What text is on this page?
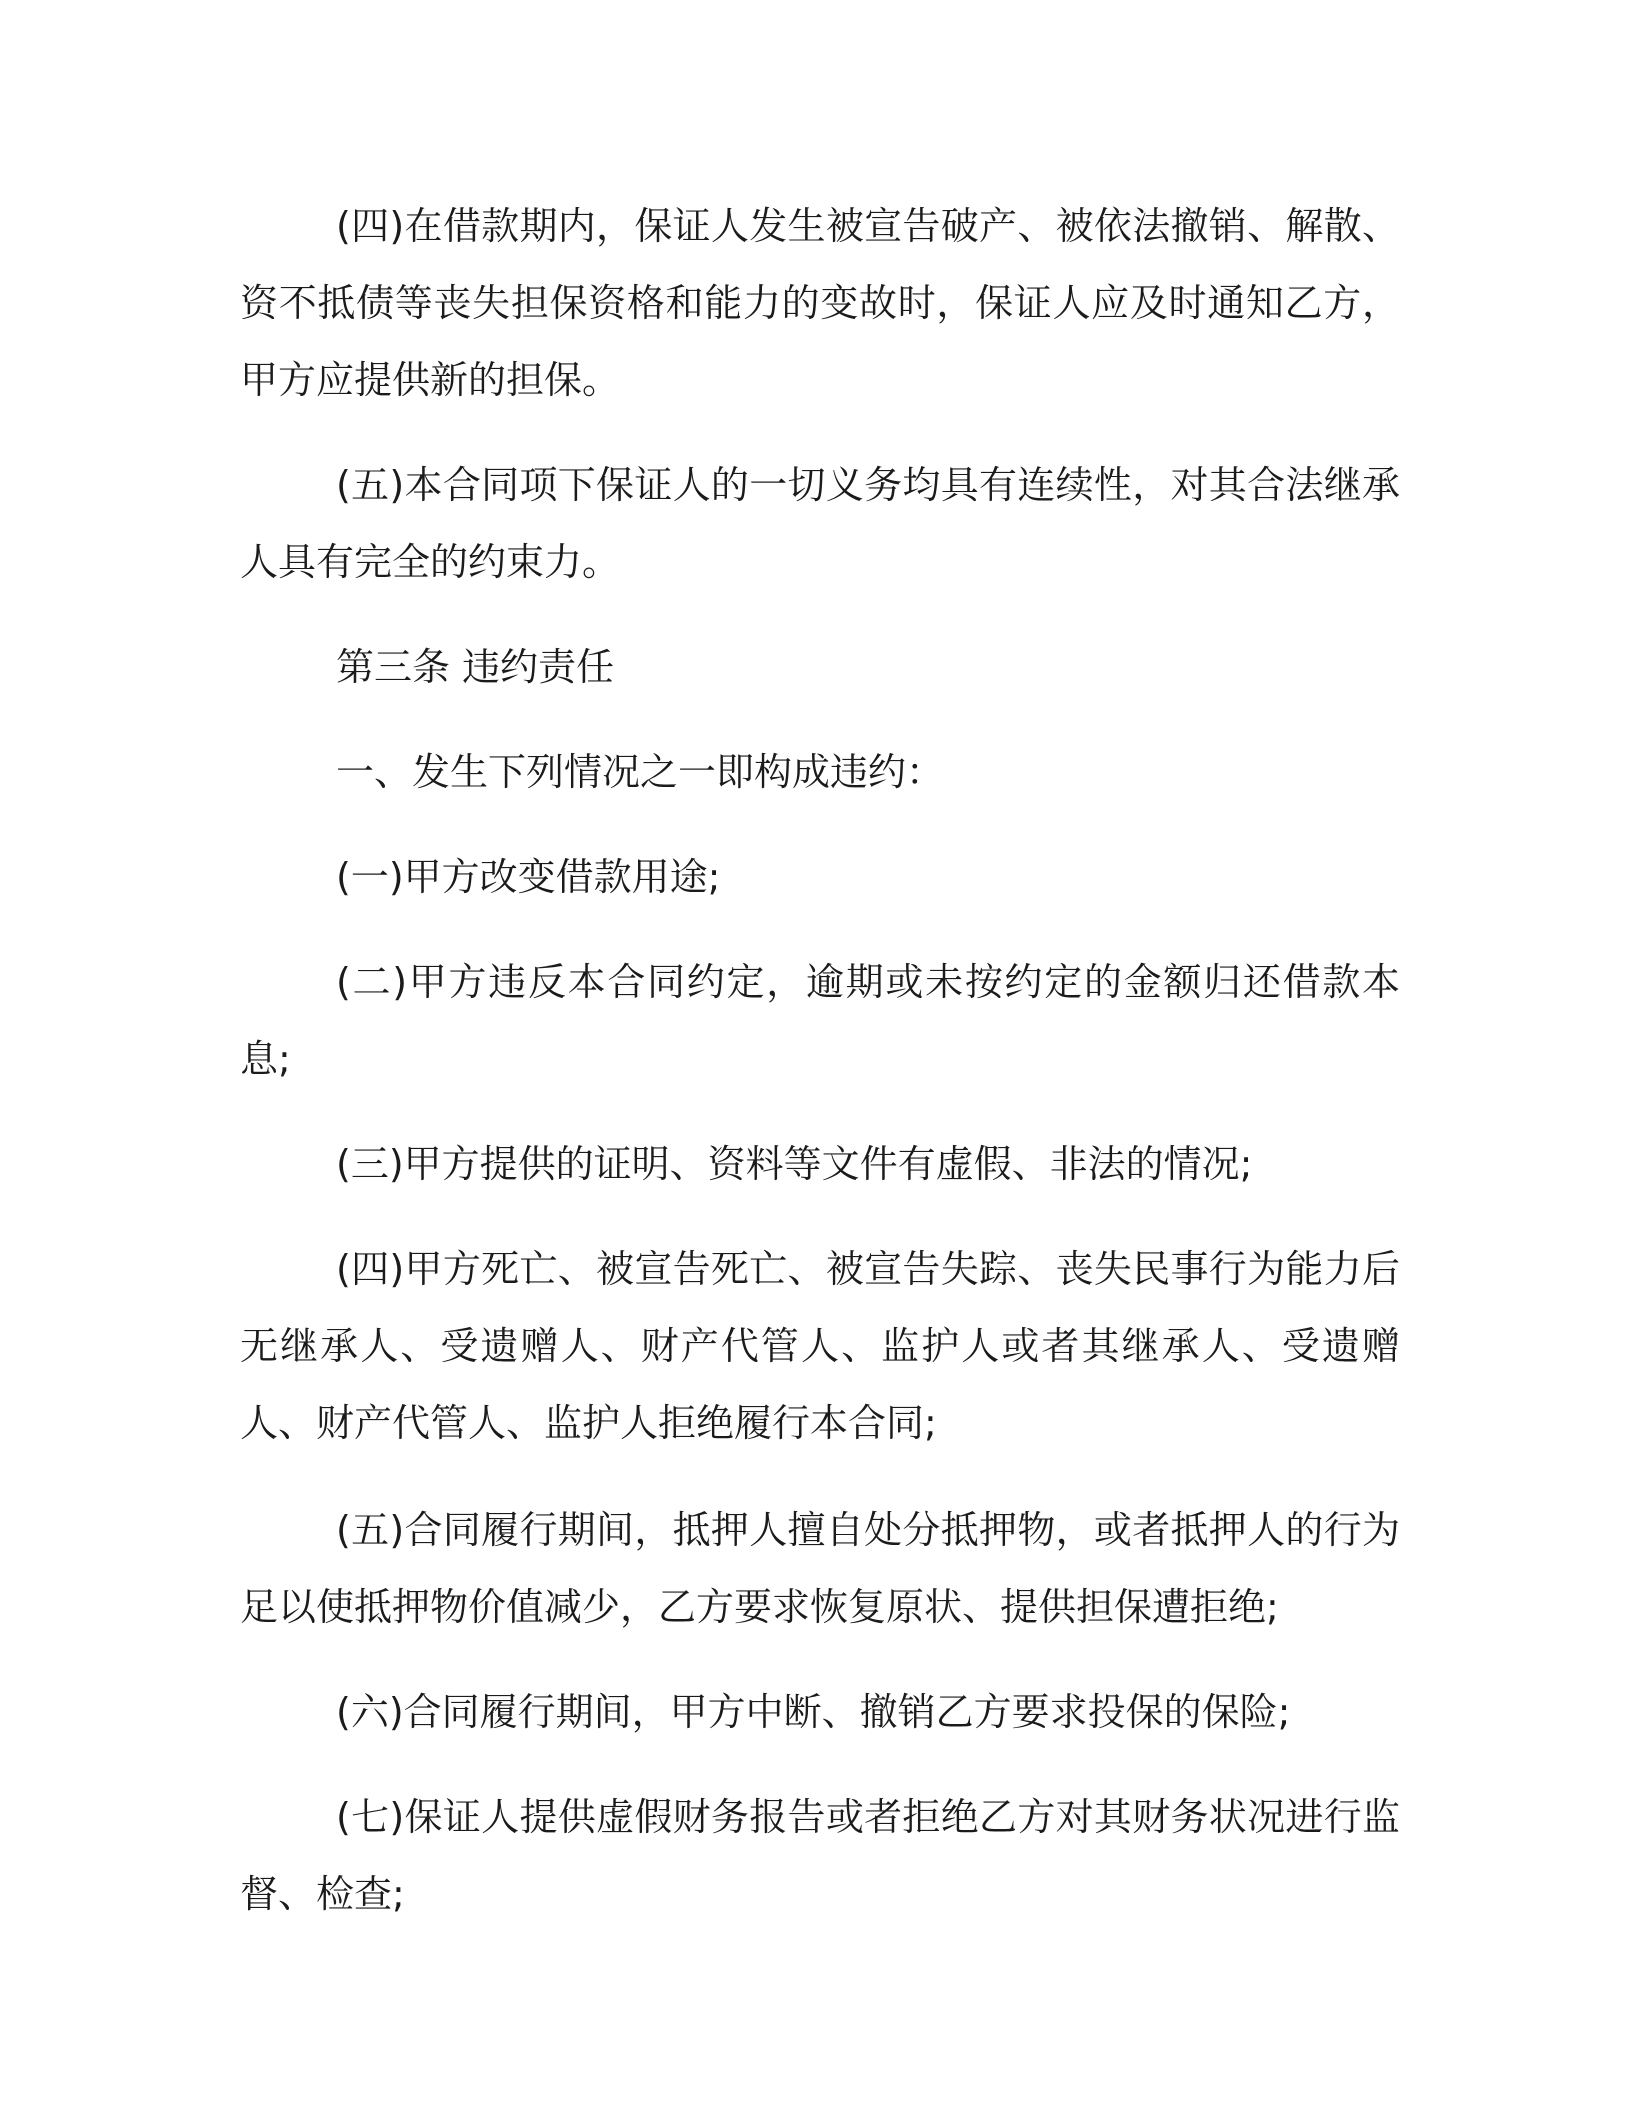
(四)在借款期内，保证人发生被宣告破产、被依法撤销、解散、资不抵债等丧失担保资格和能力的变故时，保证人应及时通知乙方，甲方应提供新的担保。

(五)本合同项下保证人的一切义务均具有连续性，对其合法继承人具有完全的约束力。

第三条 违约责任

一、发生下列情况之一即构成违约：

(一)甲方改变借款用途;

(二)甲方违反本合同约定，逾期或未按约定的金额归还借款本息;

(三)甲方提供的证明、资料等文件有虚假、非法的情况;

(四)甲方死亡、被宣告死亡、被宣告失踪、丧失民事行为能力后无继承人、受遗赠人、财产代管人、监护人或者其继承人、受遗赠人、财产代管人、监护人拒绝履行本合同;

(五)合同履行期间，抵押人擅自处分抵押物，或者抵押人的行为足以使抵押物价值减少，乙方要求恢复原状、提供担保遭拒绝;

(六)合同履行期间，甲方中断、撤销乙方要求投保的保险;

(七)保证人提供虚假财务报告或者拒绝乙方对其财务状况进行监督、检查;
